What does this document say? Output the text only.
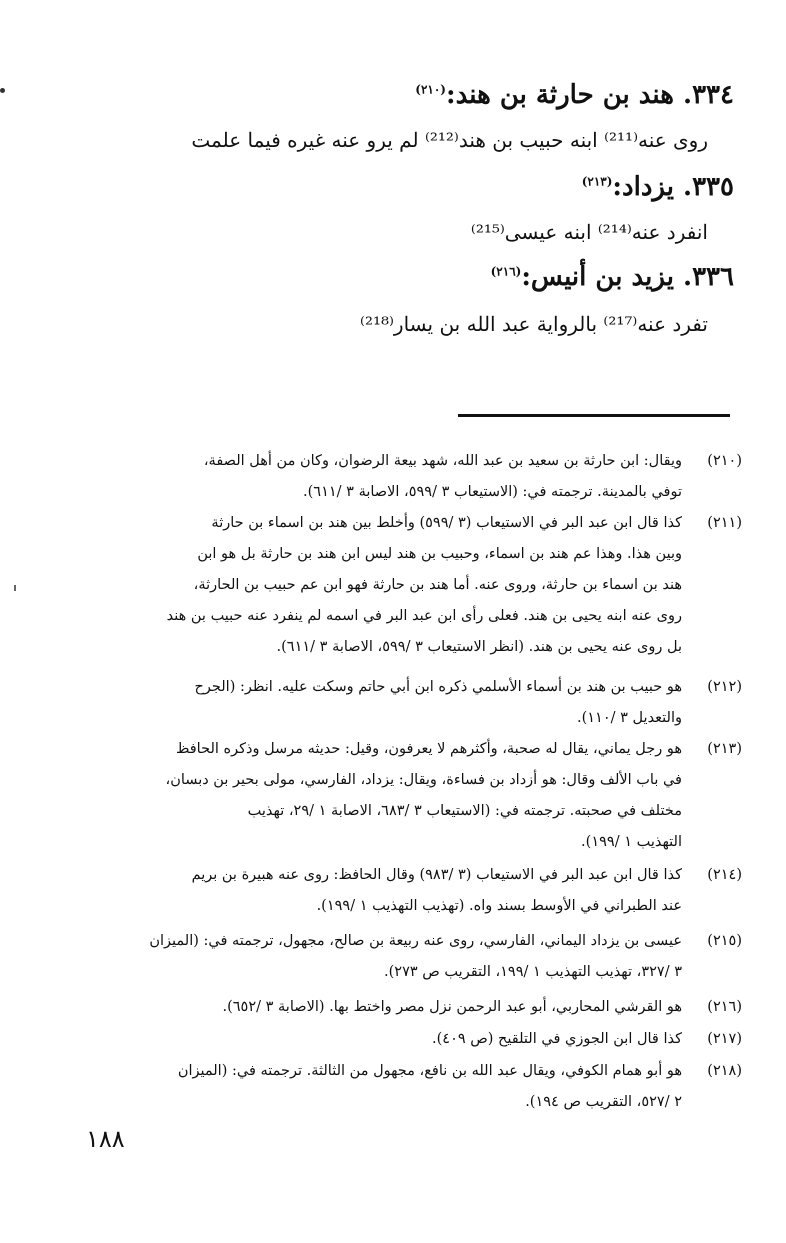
٣٣٤. هند بن حارثة بن هند:$^{(٢١٠)}$
روى عنه⁽²¹¹⁾ ابنه حبيب بن هند⁽²¹²⁾ لم يرو عنه غيره فيما علمت
٣٣٥. يزداد:$^{(٢١٣)}$
انفرد عنه⁽²¹⁴⁾ ابنه عيسى⁽²¹⁵⁾
٣٣٦. يزيد بن أنيس:$^{(٢١٦)}$
تفرد عنه⁽²¹⁷⁾ بالرواية عبد الله بن يسار⁽²¹⁸⁾
(٢١٠)
ويقال: ابن حارثة بن سعيد بن عبد الله، شهد بيعة الرضوان، وكان من أهل الصفة،
توفي بالمدينة. ترجمته في: (الاستيعاب ٣ /٥٩٩، الاصابة ٣ /٦١١).
(٢١١)
كذا قال ابن عبد البر في الاستيعاب (٣ /٥٩٩) وأخلط بين هند بن اسماء بن حارثة
وبين هذا. وهذا عم هند بن اسماء، وحبيب بن هند ليس ابن هند بن حارثة بل هو ابن
هند بن اسماء بن حارثة، وروى عنه. أما هند بن حارثة فهو ابن عم حبيب بن الحارثة،
روى عنه ابنه يحيى بن هند. فعلى رأى ابن عبد البر في اسمه لم ينفرد عنه حبيب بن هند
بل روى عنه يحيى بن هند. (انظر الاستيعاب ٣ /٥٩٩، الاصابة ٣ /٦١١).
(٢١٢)
هو حبيب بن هند بن أسماء الأسلمي ذكره ابن أبي حاتم وسكت عليه. انظر: (الجرح
والتعديل ٣ /١١٠).
(٢١٣)
هو رجل يماني، يقال له صحبة، وأكثرهم لا يعرفون، وقيل: حديثه مرسل وذكره الحافظ
في باب الألف وقال: هو أزداد بن فساءة، ويقال: يزداد، الفارسي، مولى بحير بن دبسان،
مختلف في صحبته. ترجمته في: (الاستيعاب ٣ /٦٨٣، الاصابة ١ /٢٩، تهذيب
التهذيب ١ /١٩٩).
(٢١٤)
كذا قال ابن عبد البر في الاستيعاب (٣ /٩٨٣) وقال الحافظ: روى عنه هبيرة بن بريم
عند الطبراني في الأوسط بسند واه. (تهذيب التهذيب ١ /١٩٩).
(٢١٥)
عيسى بن يزداد اليماني، الفارسي، روى عنه ربيعة بن صالح، مجهول، ترجمته في: (الميزان
٣ /٣٢٧، تهذيب التهذيب ١ /١٩٩، التقريب ص ٢٧٣).
(٢١٦)
هو القرشي المحاربي، أبو عبد الرحمن نزل مصر واختط بها. (الاصابة ٣ /٦٥٢).
(٢١٧)
كذا قال ابن الجوزي في التلقيح (ص ٤٠٩).
(٢١٨)
هو أبو همام الكوفي، ويقال عبد الله بن نافع، مجهول من الثالثة. ترجمته في: (الميزان
٢ /٥٢٧، التقريب ص ١٩٤).
١٨٨
